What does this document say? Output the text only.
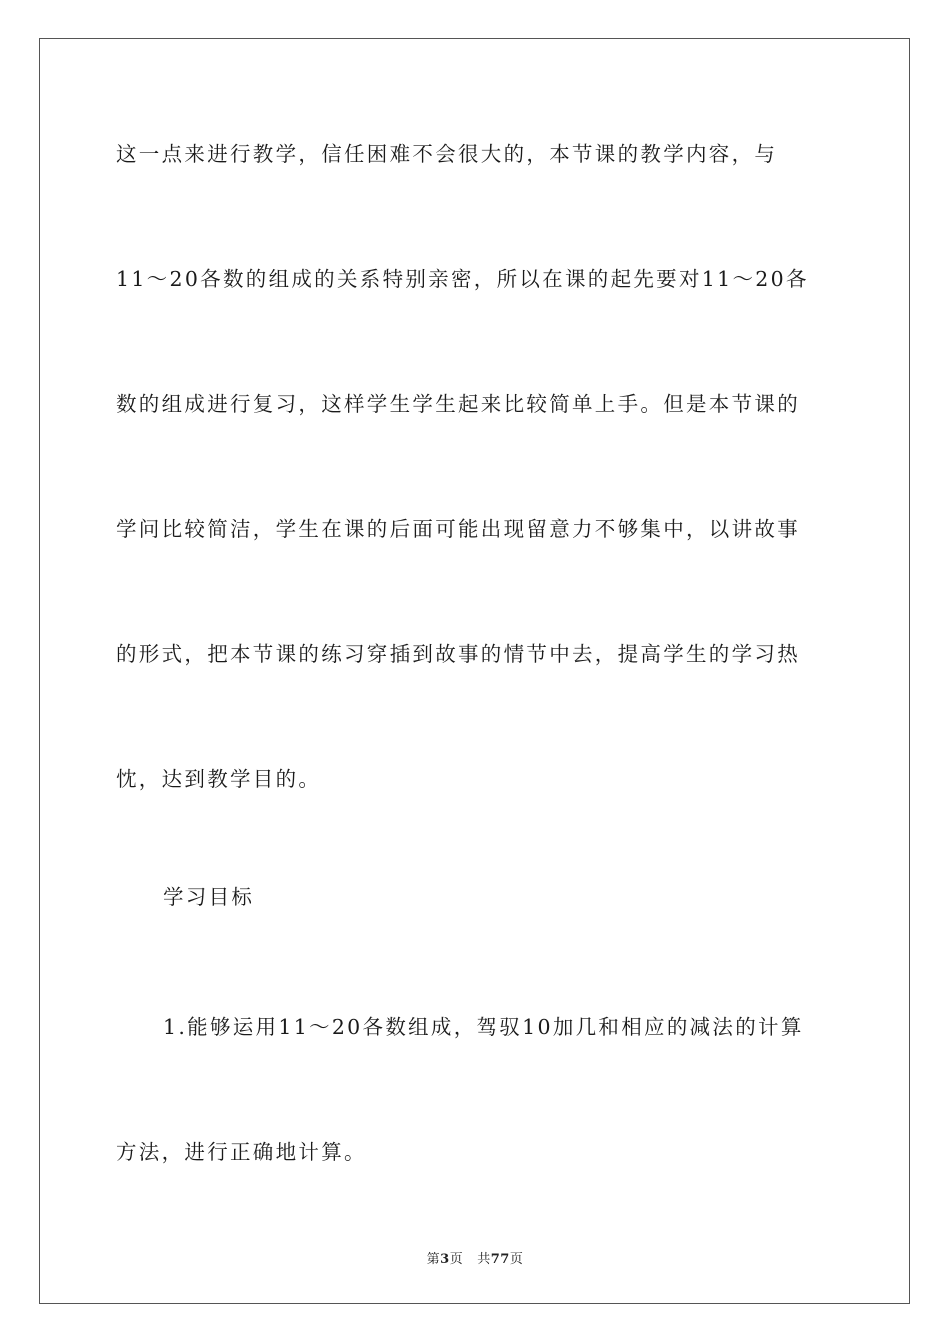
这一点来进行教学，信任困难不会很大的，本节课的教学内容，与
11～20各数的组成的关系特别亲密，所以在课的起先要对11～20各
数的组成进行复习，这样学生学生起来比较简单上手。但是本节课的
学问比较简洁，学生在课的后面可能出现留意力不够集中，以讲故事
的形式，把本节课的练习穿插到故事的情节中去，提高学生的学习热
忱，达到教学目的。
学习目标
1.能够运用11～20各数组成，驾驭10加几和相应的减法的计算
方法，进行正确地计算。
第3页 共77页
